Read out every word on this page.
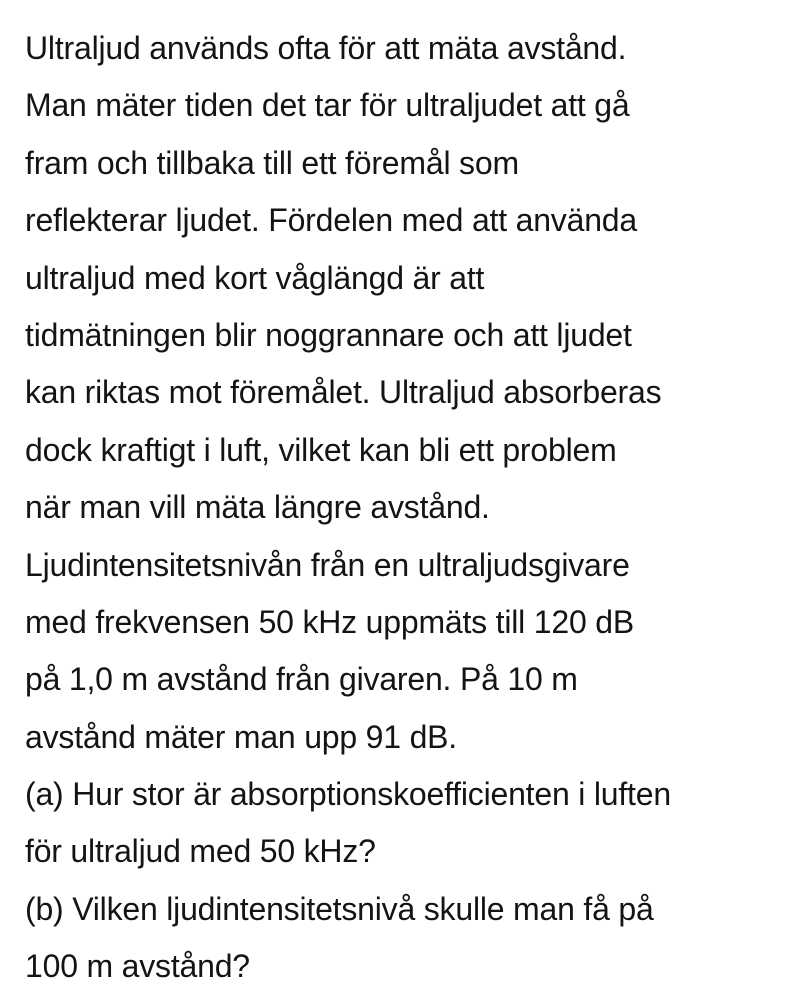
Ultraljud används ofta för att mäta avstånd.
Man mäter tiden det tar för ultraljudet att gå
fram och tillbaka till ett föremål som
reflekterar ljudet. Fördelen med att använda
ultraljud med kort våglängd är att
tidmätningen blir noggrannare och att ljudet
kan riktas mot föremålet. Ultraljud absorberas
dock kraftigt i luft, vilket kan bli ett problem
när man vill mäta längre avstånd.
Ljudintensitetsnivån från en ultraljudsgivare
med frekvensen 50 kHz uppmäts till 120 dB
på 1,0 m avstånd från givaren. På 10 m
avstånd mäter man upp 91 dB.
(a) Hur stor är absorptionskoefficienten i luften
för ultraljud med 50 kHz?
(b) Vilken ljudintensitetsnivå skulle man få på
100 m avstånd?
